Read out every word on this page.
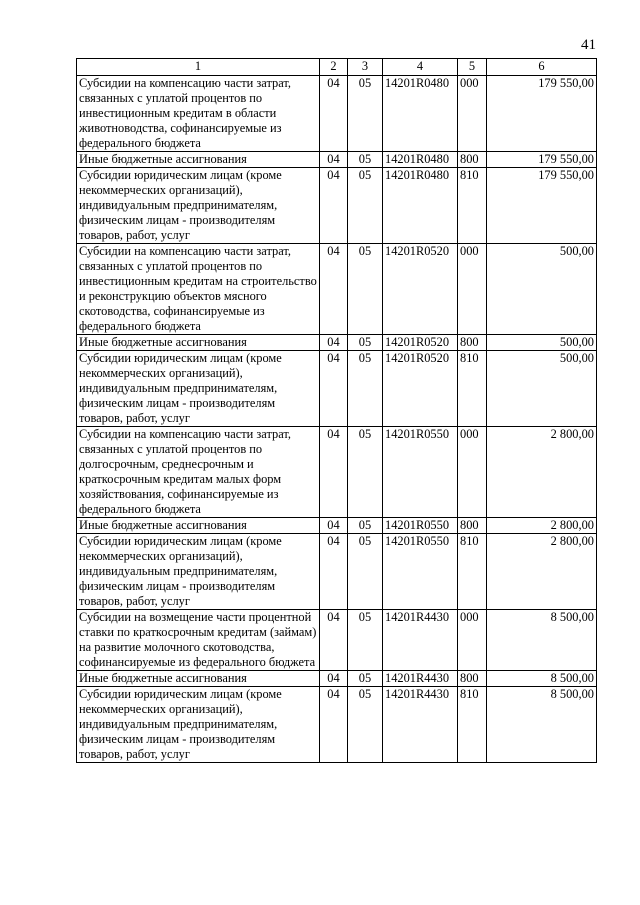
41
1	2	3	4	5	6
Субсидии на компенсацию части затрат, связанных с уплатой процентов по инвестиционным кредитам в области животноводства, софинансируемые из федерального бюджета	04	05	14201R0480	000	179 550,00
Иные бюджетные ассигнования	04	05	14201R0480	800	179 550,00
Субсидии юридическим лицам (кроме некоммерческих организаций), индивидуальным предпринимателям, физическим лицам - производителям товаров, работ, услуг	04	05	14201R0480	810	179 550,00
Субсидии на компенсацию части затрат, связанных с уплатой процентов по инвестиционным кредитам на строительство и реконструкцию объектов мясного скотоводства, софинансируемые из федерального бюджета	04	05	14201R0520	000	500,00
Иные бюджетные ассигнования	04	05	14201R0520	800	500,00
Субсидии юридическим лицам (кроме некоммерческих организаций), индивидуальным предпринимателям, физическим лицам - производителям товаров, работ, услуг	04	05	14201R0520	810	500,00
Субсидии на компенсацию части затрат, связанных с уплатой процентов по долгосрочным, среднесрочным и краткосрочным кредитам малых форм хозяйствования, софинансируемые из федерального бюджета	04	05	14201R0550	000	2 800,00
Иные бюджетные ассигнования	04	05	14201R0550	800	2 800,00
Субсидии юридическим лицам (кроме некоммерческих организаций), индивидуальным предпринимателям, физическим лицам - производителям товаров, работ, услуг	04	05	14201R0550	810	2 800,00
Субсидии на возмещение части процентной ставки по краткосрочным кредитам (займам) на развитие молочного скотоводства, софинансируемые из федерального бюджета	04	05	14201R4430	000	8 500,00
Иные бюджетные ассигнования	04	05	14201R4430	800	8 500,00
Субсидии юридическим лицам (кроме некоммерческих организаций), индивидуальным предпринимателям, физическим лицам - производителям товаров, работ, услуг	04	05	14201R4430	810	8 500,00
